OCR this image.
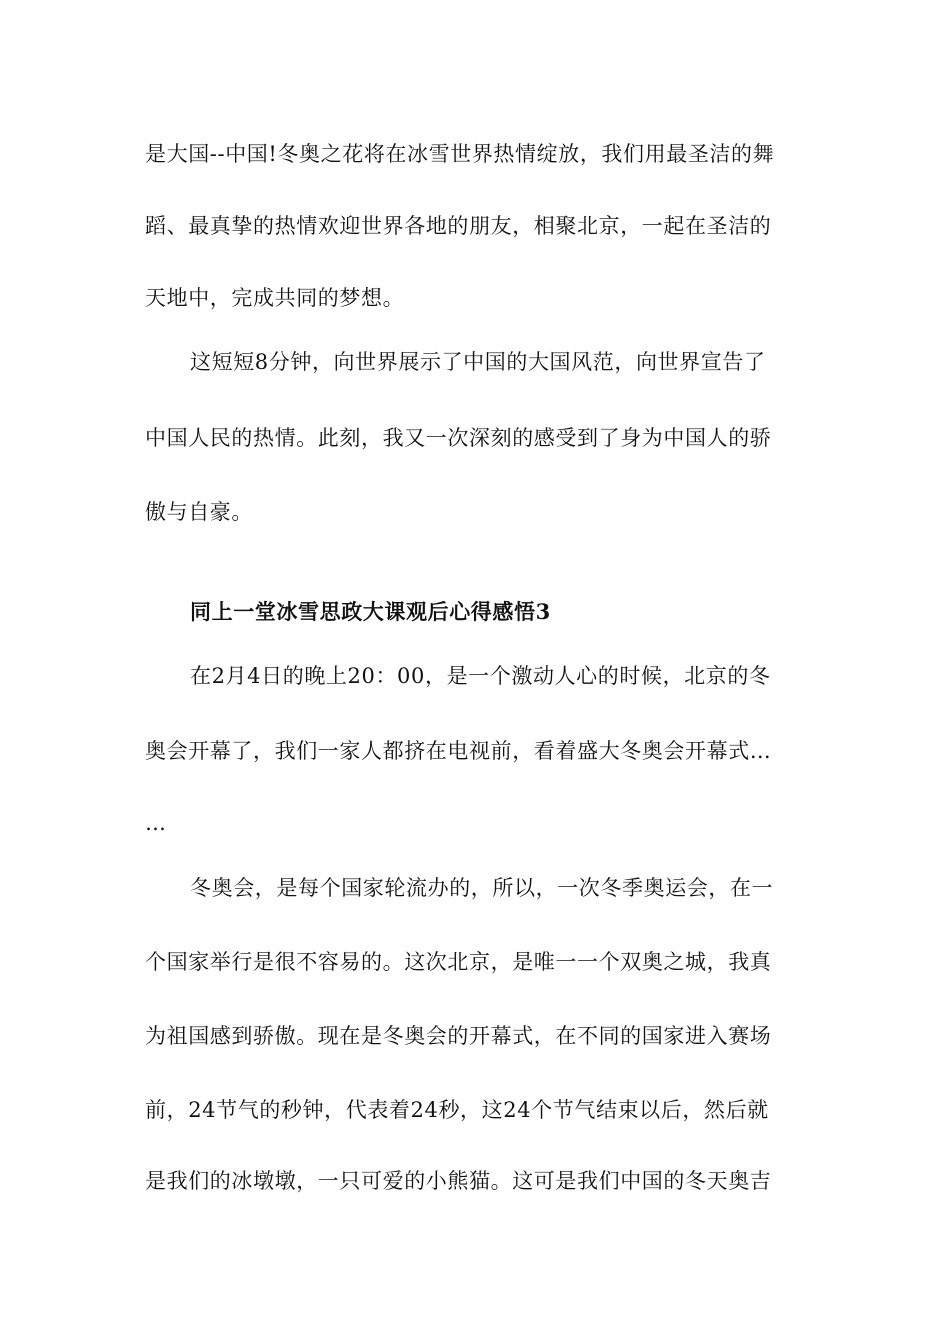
是大国--中国!冬奥之花将在冰雪世界热情绽放，我们用最圣洁的舞
蹈、最真挚的热情欢迎世界各地的朋友，相聚北京，一起在圣洁的
天地中，完成共同的梦想。
这短短8分钟，向世界展示了中国的大国风范，向世界宣告了
中国人民的热情。此刻，我又一次深刻的感受到了身为中国人的骄
傲与自豪。
同上一堂冰雪思政大课观后心得感悟3
在2月4日的晚上20：00，是一个激动人心的时候，北京的冬
奥会开幕了，我们一家人都挤在电视前，看着盛大冬奥会开幕式…
…
冬奥会，是每个国家轮流办的，所以，一次冬季奥运会，在一
个国家举行是很不容易的。这次北京，是唯一一个双奥之城，我真
为祖国感到骄傲。现在是冬奥会的开幕式，在不同的国家进入赛场
前，24节气的秒钟，代表着24秒，这24个节气结束以后，然后就
是我们的冰墩墩，一只可爱的小熊猫。这可是我们中国的冬天奥吉
